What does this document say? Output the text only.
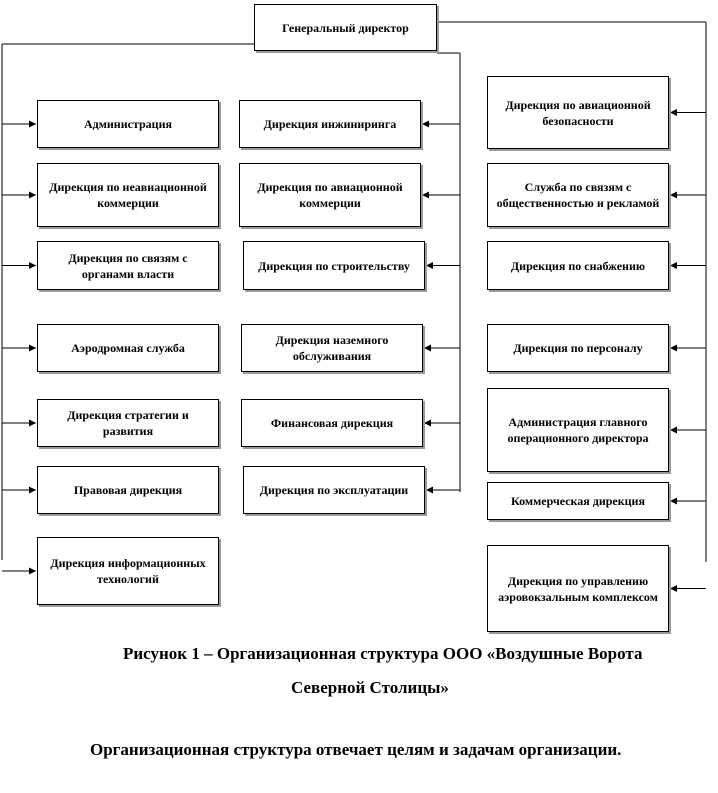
Генеральный директор
Рисунок 1 – Организационная структура ООО «Воздушные Ворота
Северной Столицы»
Организационная структура отвечает целям и задачам организации.
Администрация
Дирекция по неавиационной коммерции
Дирекция по связям с органами власти
Аэродромная служба
Дирекция стратегии и развития
Правовая дирекция
Дирекция информационных технологий
Дирекция инжиниринга
Дирекция по авиационной коммерции
Дирекция по строительству
Дирекция наземного обслуживания
Финансовая дирекция
Дирекция по эксплуатации
Дирекция по авиационной безопасности
Служба по связям с общественностью и рекламой
Дирекция по снабжению
Дирекция по персоналу
Администрация главного операционного директора
Коммерческая дирекция
Дирекция по управлению аэровокзальным комплексом
